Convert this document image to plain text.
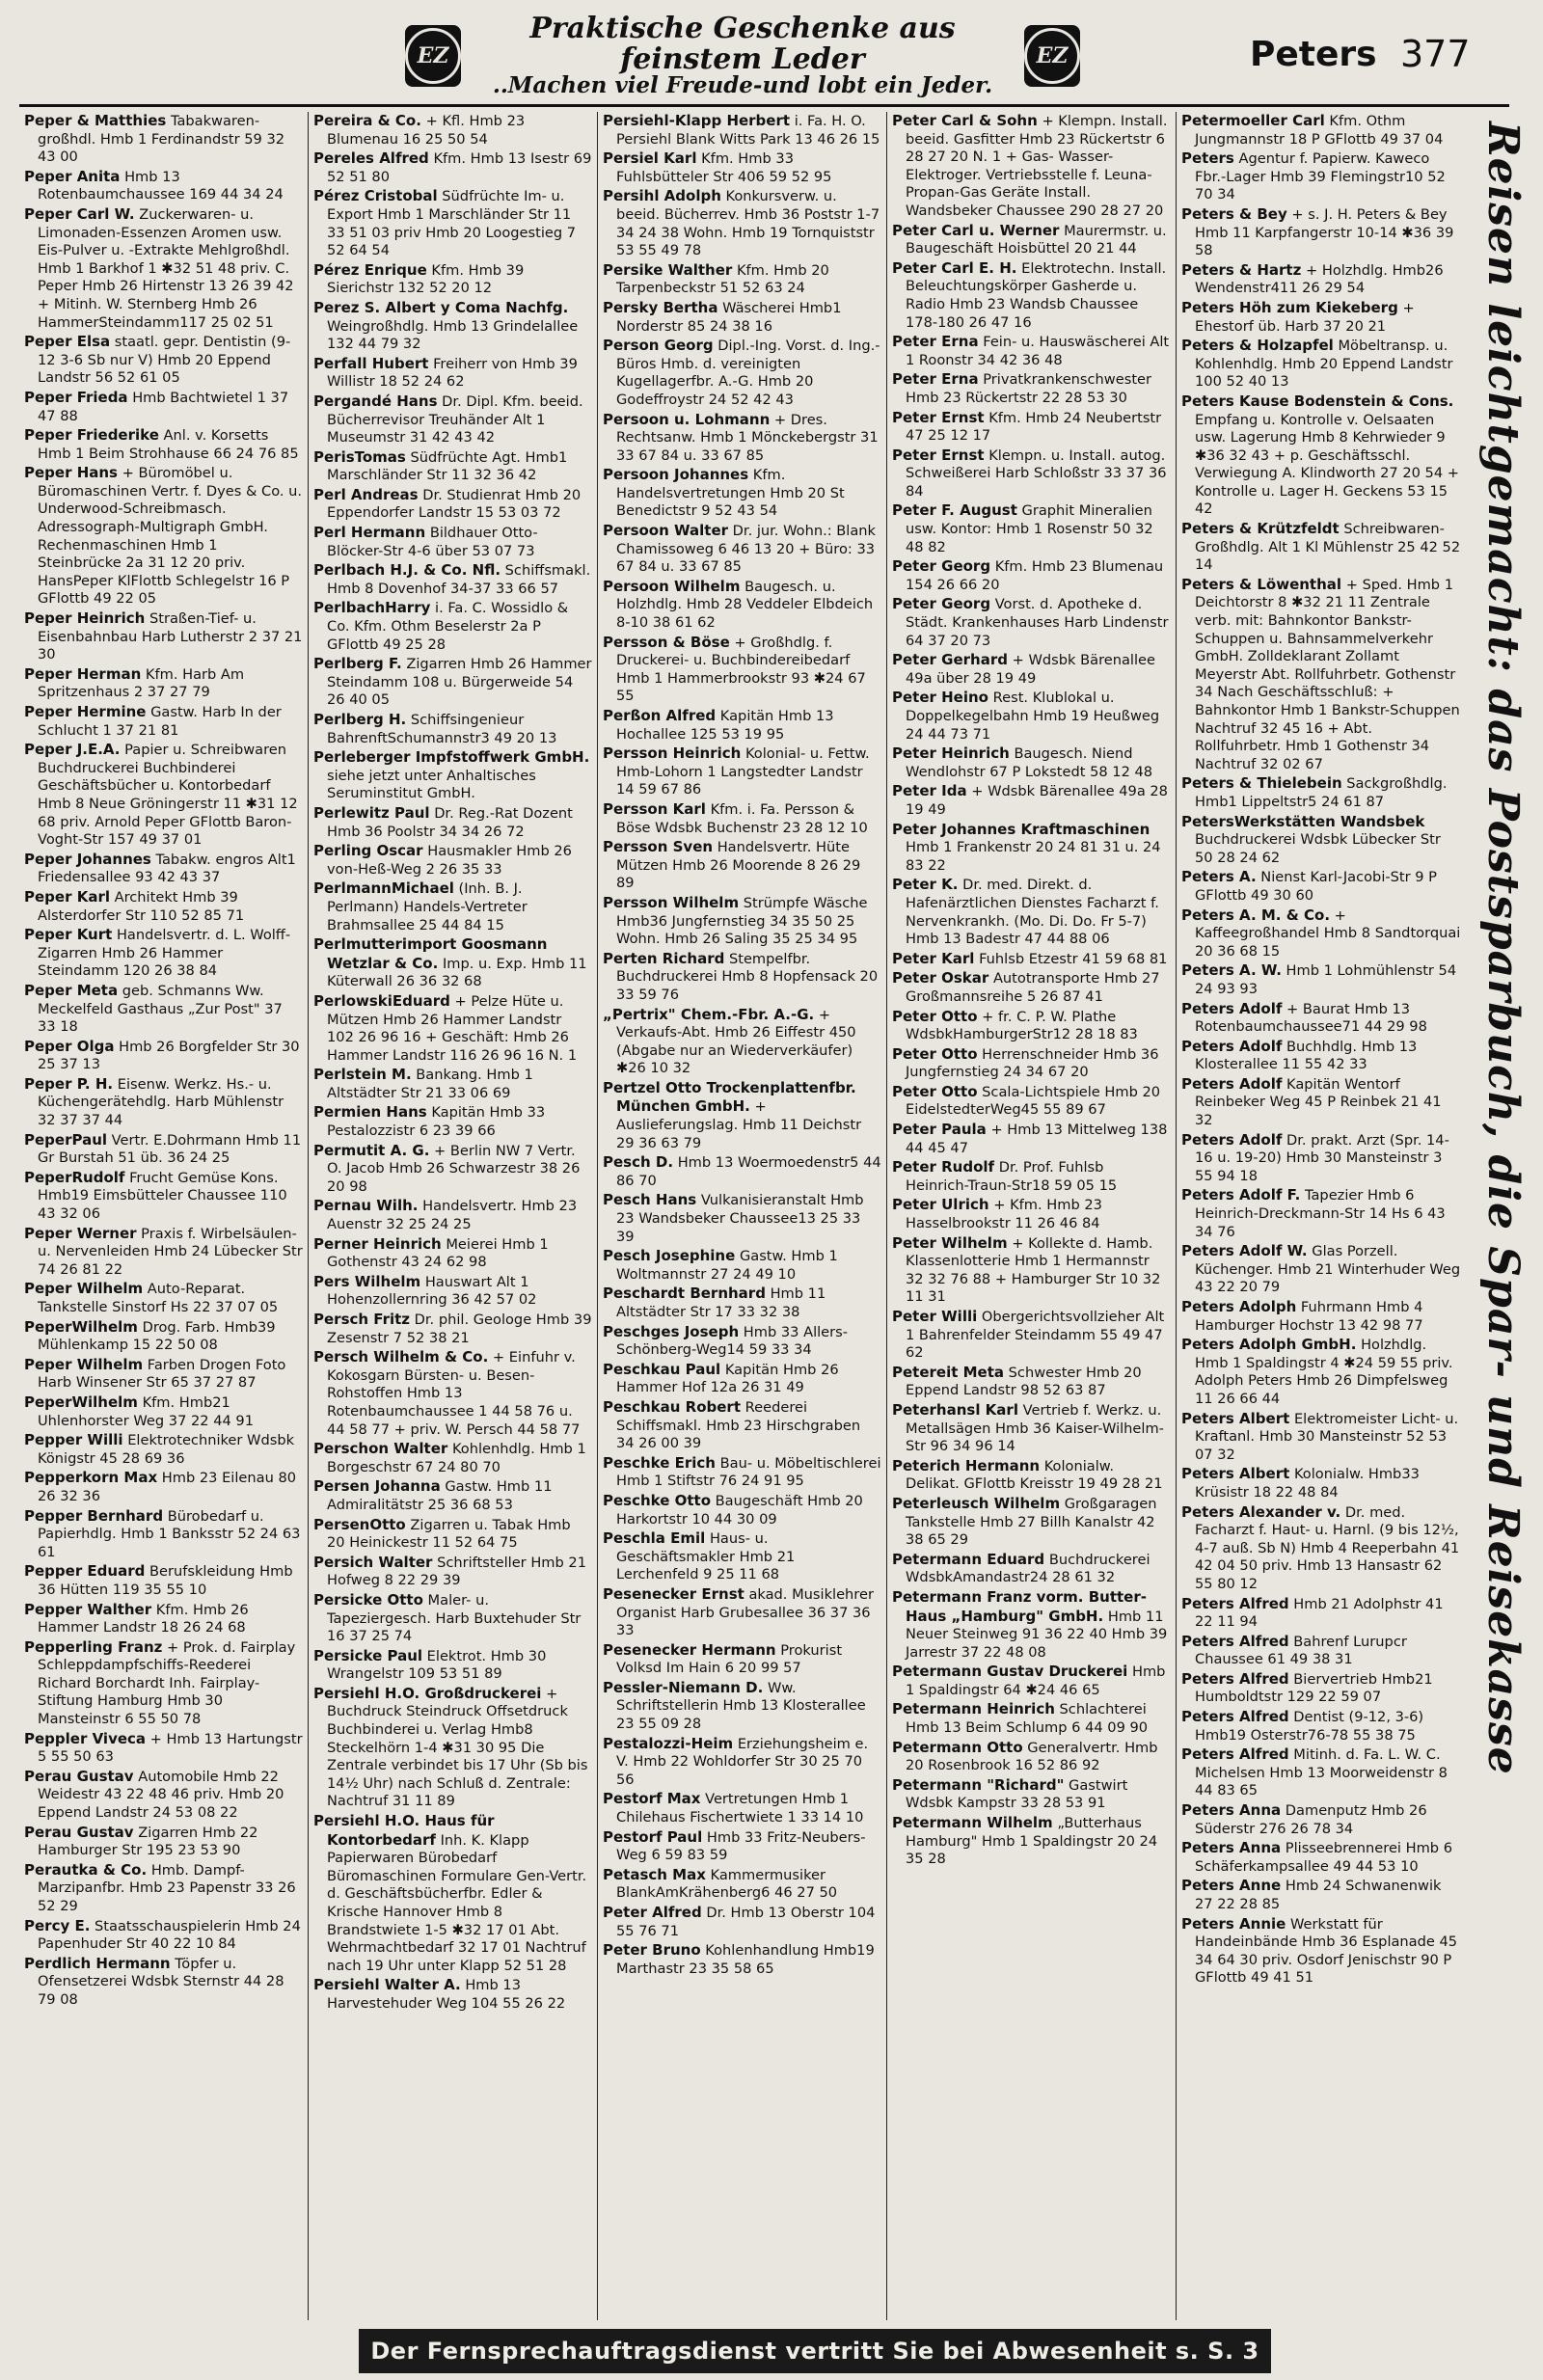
EZ
Praktische Geschenke aus feinstem Leder
..Machen viel Freude-und lobt ein Jeder.
EZ	Peters 377
Peper & Matthies Tabakwaren-großhdl. Hmb 1 Ferdinandstr 59 32 43 00
Peper Anita Hmb 13 Rotenbaumchaussee 169 44 34 24
Peper Carl W. Zuckerwaren- u. Limonaden-Essenzen Aromen usw. Eis-Pulver u. -Extrakte Mehlgroßhdl. Hmb 1 Barkhof 1 ✱32 51 48 priv. C. Peper Hmb 26 Hirtenstr 13 26 39 42 + Mitinh. W. Sternberg Hmb 26 HammerSteindamm117 25 02 51
Peper Elsa staatl. gepr. Dentistin (9-12 3-6 Sb nur V) Hmb 20 Eppend Landstr 56 52 61 05
Peper Frieda Hmb Bachtwietel 1 37 47 88
Peper Friederike Anl. v. Korsetts Hmb 1 Beim Strohhause 66 24 76 85
Peper Hans + Büromöbel u. Büromaschinen Vertr. f. Dyes & Co. u. Underwood-Schreibmasch. Adressograph-Multigraph GmbH. Rechenmaschinen Hmb 1 Steinbrücke 2a 31 12 20 priv. HansPeper KlFlottb Schlegelstr 16 P GFlottb 49 22 05
Peper Heinrich Straßen-Tief- u. Eisenbahnbau Harb Lutherstr 2 37 21 30
Peper Herman Kfm. Harb Am Spritzenhaus 2 37 27 79
Peper Hermine Gastw. Harb In der Schlucht 1 37 21 81
Peper J.E.A. Papier u. Schreibwaren Buchdruckerei Buchbinderei Geschäftsbücher u. Kontorbedarf Hmb 8 Neue Gröningerstr 11 ✱31 12 68 priv. Arnold Peper GFlottb Baron-Voght-Str 157 49 37 01
Peper Johannes Tabakw. engros Alt1 Friedensallee 93 42 43 37
Peper Karl Architekt Hmb 39 Alsterdorfer Str 110 52 85 71
Peper Kurt Handelsvertr. d. L. Wolff-Zigarren Hmb 26 Hammer Steindamm 120 26 38 84
Peper Meta geb. Schmanns Ww. Meckelfeld Gasthaus „Zur Post" 37 33 18
Peper Olga Hmb 26 Borgfelder Str 30 25 37 13
Peper P. H. Eisenw. Werkz. Hs.- u. Küchengerätehdlg. Harb Mühlenstr 32 37 37 44
PeperPaul Vertr. E.Dohrmann Hmb 11 Gr Burstah 51 üb. 36 24 25
PeperRudolf Frucht Gemüse Kons. Hmb19 Eimsbütteler Chaussee 110 43 32 06
Peper Werner Praxis f. Wirbelsäulen- u. Nervenleiden Hmb 24 Lübecker Str 74 26 81 22
Peper Wilhelm Auto-Reparat. Tankstelle Sinstorf Hs 22 37 07 05
PeperWilhelm Drog. Farb. Hmb39 Mühlenkamp 15 22 50 08
Peper Wilhelm Farben Drogen Fotо Harb Winsener Str 65 37 27 87
PeperWilhelm Kfm. Hmb21 Uhlenhorster Weg 37 22 44 91
Pepper Willi Elektrotechniker Wdsbk Königstr 45 28 69 36
Pepperkorn Max Hmb 23 Eilenau 80 26 32 36
Pepper Bernhard Bürobedarf u. Papierhdlg. Hmb 1 Banksstr 52 24 63 61
Pepper Eduard Berufskleidung Hmb 36 Hütten 119 35 55 10
Pepper Walther Kfm. Hmb 26 Hammer Landstr 18 26 24 68
Pepperling Franz + Prok. d. Fairplay Schleppdampfschiffs-Reederei Richard Borchardt Inh. Fairplay-Stiftung Hamburg Hmb 30 Mansteinstr 6 55 50 78
Peppler Viveca + Hmb 13 Hartungstr 5 55 50 63
Perau Gustav Automobile Hmb 22 Weidestr 43 22 48 46 priv. Hmb 20 Eppend Landstr 24 53 08 22
Perau Gustav Zigarren Hmb 22 Hamburger Str 195 23 53 90
Perautka & Co. Hmb. Dampf-Marzipanfbr. Hmb 23 Papenstr 33 26 52 29
Percy E. Staatsschauspielerin Hmb 24 Papenhuder Str 40 22 10 84
Perdlich Hermann Töpfer u. Ofensetzerei Wdsbk Sternstr 44 28 79 08
Pereira & Co. + Kfl. Hmb 23 Blumenau 16 25 50 54
Pereles Alfred Kfm. Hmb 13 Isestr 69 52 51 80
Pérez Cristobal Südfrüchte Im- u. Export Hmb 1 Marschländer Str 11 33 51 03 priv Hmb 20 Loogestieg 7 52 64 54
Pérez Enrique Kfm. Hmb 39 Sierichstr 132 52 20 12
Perez S. Albert y Coma Nachfg. Weingroßhdlg. Hmb 13 Grindelallee 132 44 79 32
Perfall Hubert Freiherr von Hmb 39 Willistr 18 52 24 62
Pergandé Hans Dr. Dipl. Kfm. beeid. Bücherrevisor Treuhänder Alt 1 Museumstr 31 42 43 42
PerisTomas Südfrüchte Agt. Hmb1 Marschländer Str 11 32 36 42
Perl Andreas Dr. Studienrat Hmb 20 Eppendorfer Landstr 15 53 03 72
Perl Hermann Bildhauer Otto-Blöcker-Str 4-6 über 53 07 73
Perlbach H.J. & Co. Nfl. Schiffsmakl. Hmb 8 Dovenhof 34-37 33 66 57
PerlbachHarry i. Fa. C. Wossidlo & Co. Kfm. Othm Beselerstr 2a P GFlottb 49 25 28
Perlberg F. Zigarren Hmb 26 Hammer Steindamm 108 u. Bürgerweide 54 26 40 05
Perlberg H. Schiffsingenieur BahrenftSchumannstr3 49 20 13
Perleberger Impfstoffwerk GmbH. siehe jetzt unter Anhaltisches Seruminstitut GmbH.
Perlewitz Paul Dr. Reg.-Rat Dozent Hmb 36 Poolstr 34 34 26 72
Perling Oscar Hausmakler Hmb 26 von-Heß-Weg 2 26 35 33
PerlmannMichael (Inh. B. J. Perlmann) Handels-Vertreter Brahmsallee 25 44 84 15
Perlmutterimport Goosmann Wetzlar & Co. Imp. u. Exp. Hmb 11 Küterwall 26 36 32 68
PerlowskiEduard + Pelze Hüte u. Mützen Hmb 26 Hammer Landstr 102 26 96 16 + Geschäft: Hmb 26 Hammer Landstr 116 26 96 16 N. 1
Perlstein M. Bankang. Hmb 1 Altstädter Str 21 33 06 69
Permien Hans Kapitän Hmb 33 Pestalozzistr 6 23 39 66
Permutit A. G. + Berlin NW 7 Vertr. O. Jacob Hmb 26 Schwarzestr 38 26 20 98
Pernau Wilh. Handelsvertr. Hmb 23 Auenstr 32 25 24 25
Perner Heinrich Meierei Hmb 1 Gothenstr 43 24 62 98
Pers Wilhelm Hauswart Alt 1 Hohenzollernring 36 42 57 02
Persch Fritz Dr. phil. Geologe Hmb 39 Zesenstr 7 52 38 21
Persch Wilhelm & Co. + Einfuhr v. Kokosgarn Bürsten- u. Besen-Rohstoffen Hmb 13 Rotenbaumchaussee 1 44 58 76 u. 44 58 77 + priv. W. Persch 44 58 77
Perschon Walter Kohlenhdlg. Hmb 1 Borgeschstr 67 24 80 70
Persen Johanna Gastw. Hmb 11 Admiralitätstr 25 36 68 53
PersenOtto Zigarren u. Tabak Hmb 20 Heinickestr 11 52 64 75
Persich Walter Schriftsteller Hmb 21 Hofweg 8 22 29 39
Persicke Otto Maler- u. Tapeziergesch. Harb Buxtehuder Str 16 37 25 74
Persicke Paul Elektrot. Hmb 30 Wrangelstr 109 53 51 89
Persiehl H.O. Großdruckerei + Buchdruck Steindruck Offsetdruck Buchbinderei u. Verlag Hmb8 Steckelhörn 1-4 ✱31 30 95 Die Zentrale verbindet bis 17 Uhr (Sb bis 14½ Uhr) nach Schluß d. Zentrale: Nachtruf 31 11 89
Persiehl H.O. Haus für Kontorbedarf Inh. K. Klapp Papierwaren Bürobedarf Büromaschinen Formulare Gen-Vertr. d. Geschäftsbücherfbr. Edler & Krische Hannover Hmb 8 Brandstwiete 1-5 ✱32 17 01 Abt. Wehrmachtbedarf 32 17 01 Nachtruf nach 19 Uhr unter Klapp 52 51 28
Persiehl Walter A. Hmb 13 Harvestehuder Weg 104 55 26 22
Persiehl-Klapp Herbert i. Fa. H. O. Persiehl Blank Witts Park 13 46 26 15
Persiel Karl Kfm. Hmb 33 Fuhlsbütteler Str 406 59 52 95
Persihl Adolph Konkursverw. u. beeid. Bücherrev. Hmb 36 Poststr 1-7 34 24 38 Wohn. Hmb 19 Tornquiststr 53 55 49 78
Persike Walther Kfm. Hmb 20 Tarpenbeckstr 51 52 63 24
Persky Bertha Wäscherei Hmb1 Norderstr 85 24 38 16
Person Georg Dipl.-Ing. Vorst. d. Ing.-Büros Hmb. d. vereinigten Kugellagerfbr. A.-G. Hmb 20 Godeffroystr 24 52 42 43
Persoon u. Lohmann + Dres. Rechtsanw. Hmb 1 Mönckebergstr 31 33 67 84 u. 33 67 85
Persoon Johannes Kfm. Handelsvertretungen Hmb 20 St Benedictstr 9 52 43 54
Persoon Walter Dr. jur. Wohn.: Blank Chamissoweg 6 46 13 20 + Büro: 33 67 84 u. 33 67 85
Persoon Wilhelm Baugesch. u. Holzhdlg. Hmb 28 Veddeler Elbdeich 8-10 38 61 62
Persson & Böse + Großhdlg. f. Druckerei- u. Buchbindereibedarf Hmb 1 Hammerbrookstr 93 ✱24 67 55
Perßon Alfred Kapitän Hmb 13 Hochallee 125 53 19 95
Persson Heinrich Kolonial- u. Fettw. Hmb-Lohorn 1 Langstedter Landstr 14 59 67 86
Persson Karl Kfm. i. Fa. Persson & Böse Wdsbk Buchenstr 23 28 12 10
Persson Sven Handelsvertr. Hüte Mützen Hmb 26 Moorende 8 26 29 89
Persson Wilhelm Strümpfe Wäsche Hmb36 Jungfernstieg 34 35 50 25 Wohn. Hmb 26 Saling 35 25 34 95
Perten Richard Stempelfbr. Buchdruckerei Hmb 8 Hopfensack 20 33 59 76
„Pertrix" Chem.-Fbr. A.-G. + Verkaufs-Abt. Hmb 26 Eiffestr 450 (Abgabe nur an Wiederverkäufer) ✱26 10 32
Pertzel Otto Trockenplattenfbr. München GmbH. + Auslieferungslag. Hmb 11 Deichstr 29 36 63 79
Pesch D. Hmb 13 Woermoedenstr5 44 86 70
Pesch Hans Vulkanisieranstalt Hmb 23 Wandsbeker Chaussee13 25 33 39
Pesch Josephine Gastw. Hmb 1 Woltmannstr 27 24 49 10
Peschardt Bernhard Hmb 11 Altstädter Str 17 33 32 38
Peschges Joseph Hmb 33 Allers-Schönberg-Weg14 59 33 34
Peschkau Paul Kapitän Hmb 26 Hammer Hof 12a 26 31 49
Peschkau Robert Reederei Schiffsmakl. Hmb 23 Hirschgraben 34 26 00 39
Peschke Erich Bau- u. Möbeltischlerei Hmb 1 Stiftstr 76 24 91 95
Peschke Otto Baugeschäft Hmb 20 Harkortstr 10 44 30 09
Peschla Emil Haus- u. Geschäftsmakler Hmb 21 Lerchenfeld 9 25 11 68
Pesenecker Ernst akad. Musiklehrer Organist Harb Grubesallee 36 37 36 33
Pesenecker Hermann Prokurist Volksd Im Hain 6 20 99 57
Pessler-Niemann D. Ww. Schriftstellerin Hmb 13 Klosterallee 23 55 09 28
Pestalozzi-Heim Erziehungsheim e. V. Hmb 22 Wohldorfer Str 30 25 70 56
Pestorf Max Vertretungen Hmb 1 Chilehaus Fischertwiete 1 33 14 10
Pestorf Paul Hmb 33 Fritz-Neubers-Weg 6 59 83 59
Petasch Max Kammermusiker BlankAmKrähenberg6 46 27 50
Peter Alfred Dr. Hmb 13 Oberstr 104 55 76 71
Peter Bruno Kohlenhandlung Hmb19 Marthastr 23 35 58 65
Peter Carl & Sohn + Klempn. Install. beeid. Gasfitter Hmb 23 Rückertstr 6 28 27 20 N. 1 + Gas- Wasser- Elektroger. Vertriebsstelle f. Leuna-Propan-Gas Geräte Install. Wandsbeker Chaussee 290 28 27 20
Peter Carl u. Werner Maurermstr. u. Baugeschäft Hoisbüttel 20 21 44
Peter Carl E. H. Elektrotechn. Install. Beleuchtungskörper Gasherde u. Radio Hmb 23 Wandsb Chaussee 178-180 26 47 16
Peter Erna Fein- u. Hauswäscherei Alt 1 Roonstr 34 42 36 48
Peter Erna Privatkrankenschwester Hmb 23 Rückertstr 22 28 53 30
Peter Ernst Kfm. Hmb 24 Neubertstr 47 25 12 17
Peter Ernst Klempn. u. Install. autog. Schweißerei Harb Schloßstr 33 37 36 84
Peter F. August Graphit Mineralien usw. Kontor: Hmb 1 Rosenstr 50 32 48 82
Peter Georg Kfm. Hmb 23 Blumenau 154 26 66 20
Peter Georg Vorst. d. Apotheke d. Städt. Krankenhauses Harb Lindenstr 64 37 20 73
Peter Gerhard + Wdsbk Bärenallee 49a über 28 19 49
Peter Heino Rest. Klublokal u. Doppelkegelbahn Hmb 19 Heußweg 24 44 73 71
Peter Heinrich Baugesch. Niend Wendlohstr 67 P Lokstedt 58 12 48
Peter Ida + Wdsbk Bärenallee 49a 28 19 49
Peter Johannes Kraftmaschinen Hmb 1 Frankenstr 20 24 81 31 u. 24 83 22
Peter K. Dr. med. Direkt. d. Hafenärztlichen Dienstes Facharzt f. Nervenkrankh. (Mo. Di. Do. Fr 5-7) Hmb 13 Badestr 47 44 88 06
Peter Karl Fuhlsb Etzestr 41 59 68 81
Peter Oskar Autotransporte Hmb 27 Großmannsreihe 5 26 87 41
Peter Otto + fr. C. P. W. Plathe WdsbkHamburgerStr12 28 18 83
Peter Otto Herrenschneider Hmb 36 Jungfernstieg 24 34 67 20
Peter Otto Scala-Lichtspiele Hmb 20 EidelstedterWeg45 55 89 67
Peter Paula + Hmb 13 Mittelweg 138 44 45 47
Peter Rudolf Dr. Prof. Fuhlsb Heinrich-Traun-Str18 59 05 15
Peter Ulrich + Kfm. Hmb 23 Hasselbrookstr 11 26 46 84
Peter Wilhelm + Kollekte d. Hamb. Klassenlotterie Hmb 1 Hermannstr 32 32 76 88 + Hamburger Str 10 32 11 31
Peter Willi Obergerichtsvollzieher Alt 1 Bahrenfelder Steindamm 55 49 47 62
Petereit Meta Schwester Hmb 20 Eppend Landstr 98 52 63 87
Peterhansl Karl Vertrieb f. Werkz. u. Metallsägen Hmb 36 Kaiser-Wilhelm-Str 96 34 96 14
Peterich Hermann Kolonialw. Delikat. GFlottb Kreisstr 19 49 28 21
Peterleusch Wilhelm Großgaragen Tankstelle Hmb 27 Billh Kanalstr 42 38 65 29
Petermann Eduard Buchdruckerei WdsbkAmandastr24 28 61 32
Petermann Franz vorm. Butter-Haus „Hamburg" GmbH. Hmb 11 Neuer Steinweg 91 36 22 40 Hmb 39 Jarrestr 37 22 48 08
Petermann Gustav Druckerei Hmb 1 Spaldingstr 64 ✱24 46 65
Petermann Heinrich Schlachterei Hmb 13 Beim Schlump 6 44 09 90
Petermann Otto Generalvertr. Hmb 20 Rosenbrook 16 52 86 92
Petermann "Richard" Gastwirt Wdsbk Kampstr 33 28 53 91
Petermann Wilhelm „Butterhaus Hamburg" Hmb 1 Spaldingstr 20 24 35 28
Petermoeller Carl Kfm. Othm Jungmannstr 18 P GFlottb 49 37 04
Peters Agentur f. Papierw. Kaweco Fbr.-Lager Hmb 39 Flemingstr10 52 70 34
Peters & Bey + s. J. H. Peters & Bey Hmb 11 Karpfangerstr 10-14 ✱36 39 58
Peters & Hartz + Holzhdlg. Hmb26 Wendenstr411 26 29 54
Peters Höh zum Kiekeberg + Ehestorf üb. Harb 37 20 21
Peters & Holzapfel Möbeltransp. u. Kohlenhdlg. Hmb 20 Eppend Landstr 100 52 40 13
Peters Kause Bodenstein & Cons. Empfang u. Kontrolle v. Oelsaaten usw. Lagerung Hmb 8 Kehrwieder 9 ✱36 32 43 + p. Geschäftsschl. Verwiegung A. Klindworth 27 20 54 + Kontrolle u. Lager H. Geckens 53 15 42
Peters & Krützfeldt Schreibwaren-Großhdlg. Alt 1 Kl Mühlenstr 25 42 52 14
Peters & Löwenthal + Sped. Hmb 1 Deichtorstr 8 ✱32 21 11 Zentrale verb. mit: Bahnkontor Bankstr-Schuppen u. Bahnsammelverkehr GmbH. Zolldeklarant Zollamt Meyerstr Abt. Rollfuhrbetr. Gothenstr 34 Nach Geschäftsschluß: + Bahnkontor Hmb 1 Bankstr-Schuppen Nachtruf 32 45 16 + Abt. Rollfuhrbetr. Hmb 1 Gothenstr 34 Nachtruf 32 02 67
Peters & Thielebein Sackgroßhdlg. Hmb1 Lippeltstr5 24 61 87
PetersWerkstätten Wandsbek Buchdruckerei Wdsbk Lübecker Str 50 28 24 62
Peters A. Nienst Karl-Jacobi-Str 9 P GFlottb 49 30 60
Peters A. M. & Co. + Kaffeegroßhandel Hmb 8 Sandtorquai 20 36 68 15
Peters A. W. Hmb 1 Lohmühlenstr 54 24 93 93
Peters Adolf + Baurat Hmb 13 Rotenbaumchaussee71 44 29 98
Peters Adolf Buchhdlg. Hmb 13 Klosterallee 11 55 42 33
Peters Adolf Kapitän Wentorf Reinbeker Weg 45 P Reinbek 21 41 32
Peters Adolf Dr. prakt. Arzt (Spr. 14-16 u. 19-20) Hmb 30 Mansteinstr 3 55 94 18
Peters Adolf F. Tapezier Hmb 6 Heinrich-Dreckmann-Str 14 Hs 6 43 34 76
Peters Adolf W. Glas Porzell. Küchenger. Hmb 21 Winterhuder Weg 43 22 20 79
Peters Adolph Fuhrmann Hmb 4 Hamburger Hochstr 13 42 98 77
Peters Adolph GmbH. Holzhdlg. Hmb 1 Spaldingstr 4 ✱24 59 55 priv. Adolph Peters Hmb 26 Dimpfelsweg 11 26 66 44
Peters Albert Elektromeister Licht- u. Kraftanl. Hmb 30 Mansteinstr 52 53 07 32
Peters Albert Kolonialw. Hmb33 Krüsistr 18 22 48 84
Peters Alexander v. Dr. med. Facharzt f. Haut- u. Harnl. (9 bis 12½, 4-7 auß. Sb N) Hmb 4 Reeperbahn 41 42 04 50 priv. Hmb 13 Hansastr 62 55 80 12
Peters Alfred Hmb 21 Adolphstr 41 22 11 94
Peters Alfred Bahrenf Lurupcr Chaussee 61 49 38 31
Peters Alfred Biervertrieb Hmb21 Humboldtstr 129 22 59 07
Peters Alfred Dentist (9-12, 3-6) Hmb19 Osterstr76-78 55 38 75
Peters Alfred Mitinh. d. Fa. L. W. C. Michelsen Hmb 13 Moorweidenstr 8 44 83 65
Peters Anna Damenputz Hmb 26 Süderstr 276 26 78 34
Peters Anna Plisseebrennerei Hmb 6 Schäferkampsallee 49 44 53 10
Peters Anne Hmb 24 Schwanenwik 27 22 28 85
Peters Annie Werkstatt für Handeinbände Hmb 36 Esplanade 45 34 64 30 priv. Osdorf Jenischstr 90 P GFlottb 49 41 51
Reisen leichtgemacht: das Postsparbuch, die Spar- und Reisekasse
Der Fernsprechauftragsdienst vertritt Sie bei Abwesenheit s. S. 3
